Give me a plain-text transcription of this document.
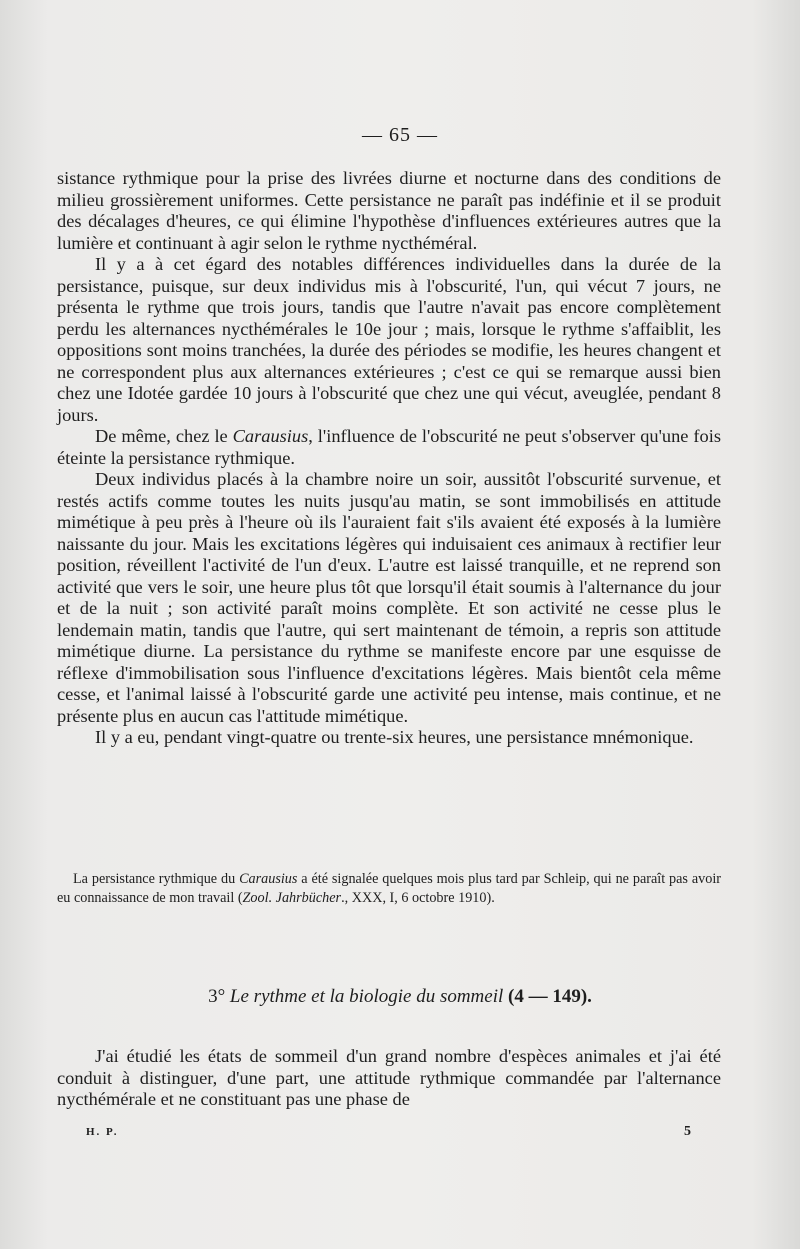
— 65 —

sistance rythmique pour la prise des livrées diurne et nocturne dans des conditions de milieu grossièrement uniformes. Cette persistance ne paraît pas indéfinie et il se produit des décalages d'heures, ce qui élimine l'hypothèse d'influences extérieures autres que la lumière et continuant à agir selon le rythme nycthéméral.

Il y a à cet égard des notables différences individuelles dans la durée de la persistance, puisque, sur deux individus mis à l'obscurité, l'un, qui vécut 7 jours, ne présenta le rythme que trois jours, tandis que l'autre n'avait pas encore complètement perdu les alternances nycthémérales le 10e jour ; mais, lorsque le rythme s'affaiblit, les oppositions sont moins tranchées, la durée des périodes se modifie, les heures changent et ne correspondent plus aux alternances extérieures ; c'est ce qui se remarque aussi bien chez une Idotée gardée 10 jours à l'obscurité que chez une qui vécut, aveuglée, pendant 8 jours.

De même, chez le Carausius, l'influence de l'obscurité ne peut s'observer qu'une fois éteinte la persistance rythmique.

Deux individus placés à la chambre noire un soir, aussitôt l'obscurité survenue, et restés actifs comme toutes les nuits jusqu'au matin, se sont immobilisés en attitude mimétique à peu près à l'heure où ils l'auraient fait s'ils avaient été exposés à la lumière naissante du jour. Mais les excitations légères qui induisaient ces animaux à rectifier leur position, réveillent l'activité de l'un d'eux. L'autre est laissé tranquille, et ne reprend son activité que vers le soir, une heure plus tôt que lorsqu'il était soumis à l'alternance du jour et de la nuit ; son activité paraît moins complète. Et son activité ne cesse plus le lendemain matin, tandis que l'autre, qui sert maintenant de témoin, a repris son attitude mimétique diurne. La persistance du rythme se manifeste encore par une esquisse de réflexe d'immobilisation sous l'influence d'excitations légères. Mais bientôt cela même cesse, et l'animal laissé à l'obscurité garde une activité peu intense, mais continue, et ne présente plus en aucun cas l'attitude mimétique.

Il y a eu, pendant vingt-quatre ou trente-six heures, une persistance mnémonique.

La persistance rythmique du Carausius a été signalée quelques mois plus tard par Schleip, qui ne paraît pas avoir eu connaissance de mon travail (Zool. Jahrbücher., XXX, I, 6 octobre 1910).

3° Le rythme et la biologie du sommeil (4 — 149).

J'ai étudié les états de sommeil d'un grand nombre d'espèces animales et j'ai été conduit à distinguer, d'une part, une attitude rythmique commandée par l'alternance nycthémérale et ne constituant pas une phase de

H. P.	5
